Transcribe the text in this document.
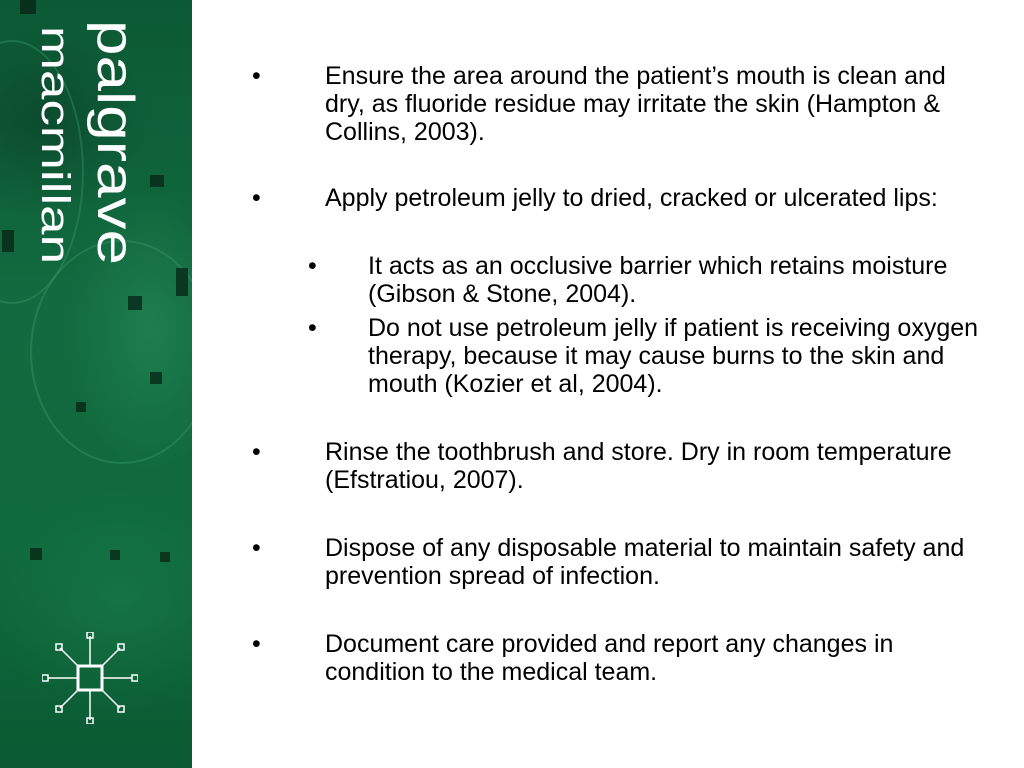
palgrave
macmillan	•	Ensure the area around the patient’s mouth is clean and dry, as fluoride residue may irritate the skin (Hampton & Collins, 2003).
•	Apply petroleum jelly to dried, cracked or ulcerated lips:
•	It acts as an occlusive barrier which retains moisture (Gibson & Stone, 2004).
•	Do not use petroleum jelly if patient is receiving oxygen therapy, because it may cause burns to the skin and mouth (Kozier et al, 2004).
•	Rinse the toothbrush and store. Dry in room temperature (Efstratiou, 2007).
•	Dispose of any disposable material to maintain safety and prevention spread of infection.
•	Document care provided and report any changes in condition to the medical team.
